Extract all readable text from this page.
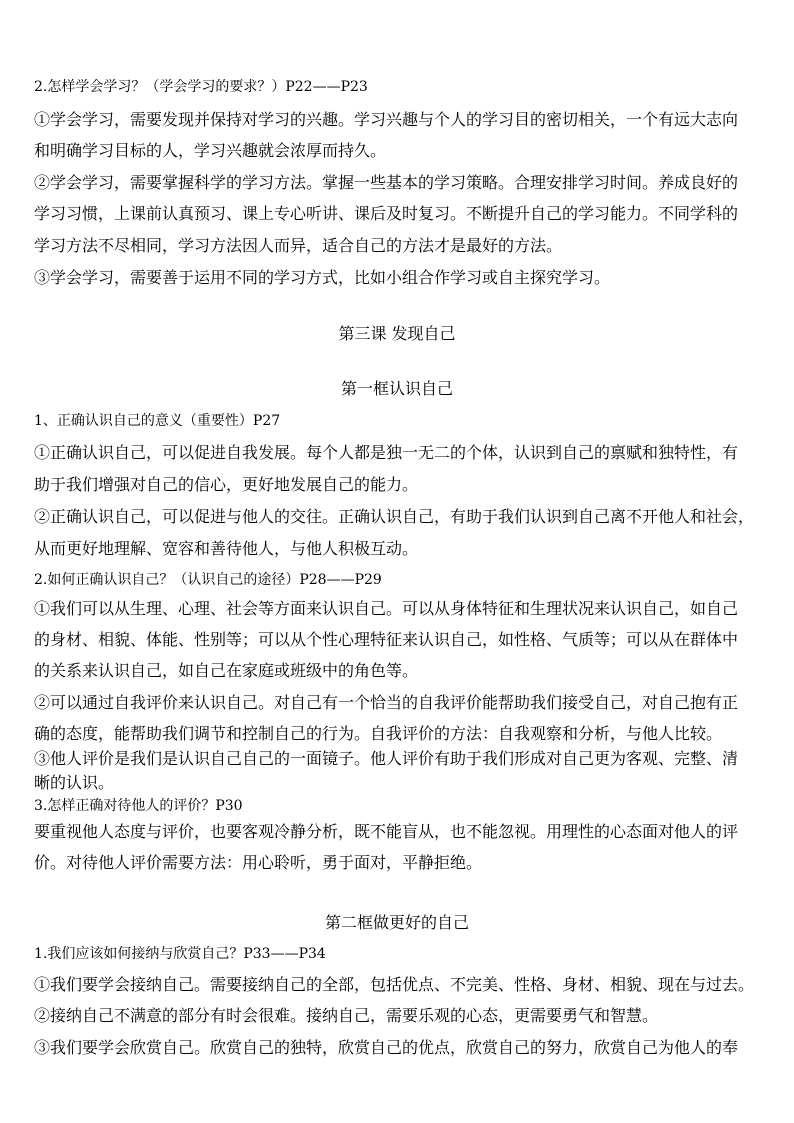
2.怎样学会学习？（学会学习的要求？）P22——P23
①学会学习，需要发现并保持对学习的兴趣。学习兴趣与个人的学习目的密切相关，一个有远大志向
和明确学习目标的人，学习兴趣就会浓厚而持久。
②学会学习，需要掌握科学的学习方法。掌握一些基本的学习策略。合理安排学习时间。养成良好的
学习习惯，上课前认真预习、课上专心听讲、课后及时复习。不断提升自己的学习能力。不同学科的
学习方法不尽相同，学习方法因人而异，适合自己的方法才是最好的方法。
③学会学习，需要善于运用不同的学习方式，比如小组合作学习或自主探究学习。
第三课 发现自己
第一框认识自己
1、正确认识自己的意义（重要性）P27
①正确认识自己，可以促进自我发展。每个人都是独一无二的个体，认识到自己的禀赋和独特性，有
助于我们增强对自己的信心，更好地发展自己的能力。
②正确认识自己，可以促进与他人的交往。正确认识自己，有助于我们认识到自己离不开他人和社会，
从而更好地理解、宽容和善待他人，与他人积极互动。
2.如何正确认识自己？（认识自己的途径）P28——P29
①我们可以从生理、心理、社会等方面来认识自己。可以从身体特征和生理状况来认识自己，如自己
的身材、相貌、体能、性别等；可以从个性心理特征来认识自己，如性格、气质等；可以从在群体中
的关系来认识自己，如自己在家庭或班级中的角色等。
②可以通过自我评价来认识自己。对自己有一个恰当的自我评价能帮助我们接受自己，对自己抱有正
确的态度，能帮助我们调节和控制自己的行为。自我评价的方法：自我观察和分析，与他人比较。
③他人评价是我们是认识自己自己的一面镜子。他人评价有助于我们形成对自己更为客观、完整、清
晰的认识。
3.怎样正确对待他人的评价？P30
要重视他人态度与评价，也要客观冷静分析，既不能盲从，也不能忽视。用理性的心态面对他人的评
价。对待他人评价需要方法：用心聆听，勇于面对，平静拒绝。
第二框做更好的自己
1.我们应该如何接纳与欣赏自己？P33——P34
①我们要学会接纳自己。需要接纳自己的全部，包括优点、不完美、性格、身材、相貌、现在与过去。
②接纳自己不满意的部分有时会很难。接纳自己，需要乐观的心态，更需要勇气和智慧。
③我们要学会欣赏自己。欣赏自己的独特，欣赏自己的优点，欣赏自己的努力，欣赏自己为他人的奉
